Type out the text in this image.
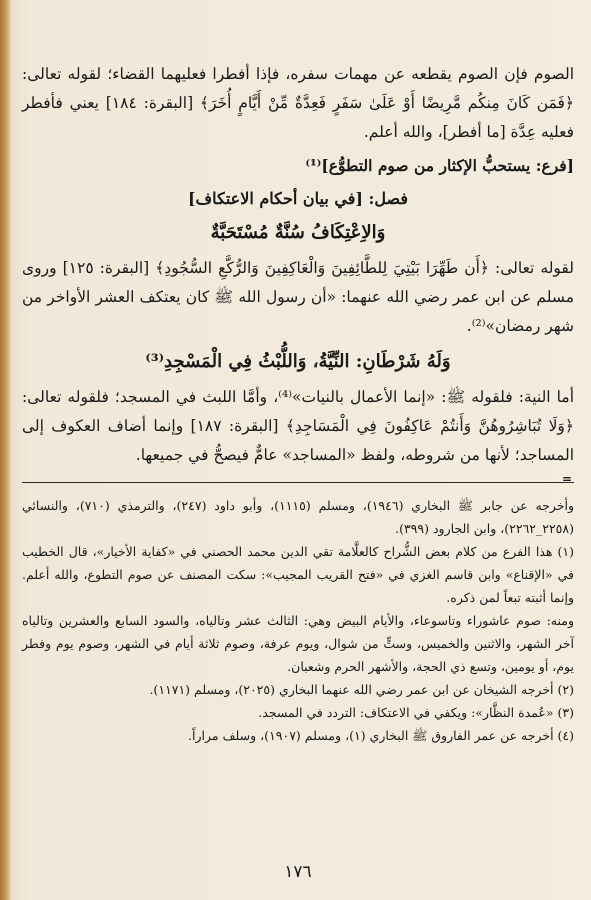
الصوم فإن الصوم يقطعه عن مهمات سفره، فإذا أفطرا فعليهما القضاء؛ لقوله تعالى: ﴿فَمَن كَانَ مِنكُم مَّرِيضًا أَوْ عَلَىٰ سَفَرٍ فَعِدَّةٌ مِّنْ أَيَّامٍ أُخَرَ﴾ [البقرة: ١٨٤] يعني فأفطر فعليه عِدَّة [ما أفطر]، والله أعلم.

[فرع: يستحبُّ الإكثار من صوم التطوُّع]⁽¹⁾

فصل: [في بيان أحكام الاعتكاف]
وَالاِعْتِكَافُ سُنَّةٌ مُسْتَحَبَّةٌ

لقوله تعالى: ﴿أَن طَهِّرَا بَيْتِيَ لِلطَّائِفِينَ وَالْعَاكِفِينَ وَالرُّكَّعِ السُّجُودِ﴾ [البقرة: ١٢٥] وروى مسلم عن ابن عمر رضي الله عنهما: «أن رسول الله ﷺ كان يعتكف العشر الأواخر من شهر رمضان»⁽²⁾.

وَلَهُ شَرْطَانِ: النِّيَّةُ، وَاللُّبْثُ فِي الْمَسْجِدِ⁽³⁾

أما النية: فلقوله ﷺ: «إنما الأعمال بالنيات»⁽⁴⁾، وأمَّا اللبث في المسجد؛ فلقوله تعالى: ﴿وَلَا تُبَاشِرُوهُنَّ وَأَنتُمْ عَاكِفُونَ فِي الْمَسَاجِدِ﴾ [البقرة: ١٨٧] وإنما أضاف العكوف إلى المساجد؛ لأنها من شروطه، ولفظ «المساجد» عامٌّ فيصحُّ في جميعها.

=

وأخرجه عن جابر ﷺ البخاري (١٩٤٦)، ومسلم (١١١٥)، وأبو داود (٢٤٧)، والترمذي (٧١٠)، والنسائي (٢٢٥٨_٢٢٦٢)، وابن الجارود (٣٩٩).

(١) هذا الفرع من كلام بعض الشُّراح كالعلَّامة تقي الدين محمد الحصني في «كفاية الأخيار»، قال الخطيب في «الإقناع» وابن قاسم الغزي في «فتح القريب المجيب»: سكت المصنف عن صوم التطوع، والله أعلم. وإنما أثبته تبعاً لمن ذكره.

ومنه: صوم عاشوراء وتاسوعاء، والأيام البيض وهي: الثالث عشر وتالياه، والسود السابع والعشرين وتالياه آخر الشهر، والاثنين والخميس، وستٍّ من شوال، ويوم عرفة، وصوم ثلاثة أيام في الشهر، وصوم يوم وفطر يوم، أو يومين، وتسع ذي الحجة، والأشهر الحرم وشعبان.

(٢) أخرجه الشيخان عن ابن عمر رضي الله عنهما البخاري (٢٠٢٥)، ومسلم (١١٧١).

(٣) «عُمدة النظَّار»: ويكفي في الاعتكاف: التردد في المسجد.

(٤) أخرجه عن عمر الفاروق ﷺ البخاري (١)، ومسلم (١٩٠٧)، وسلف مراراً.

١٧٦
